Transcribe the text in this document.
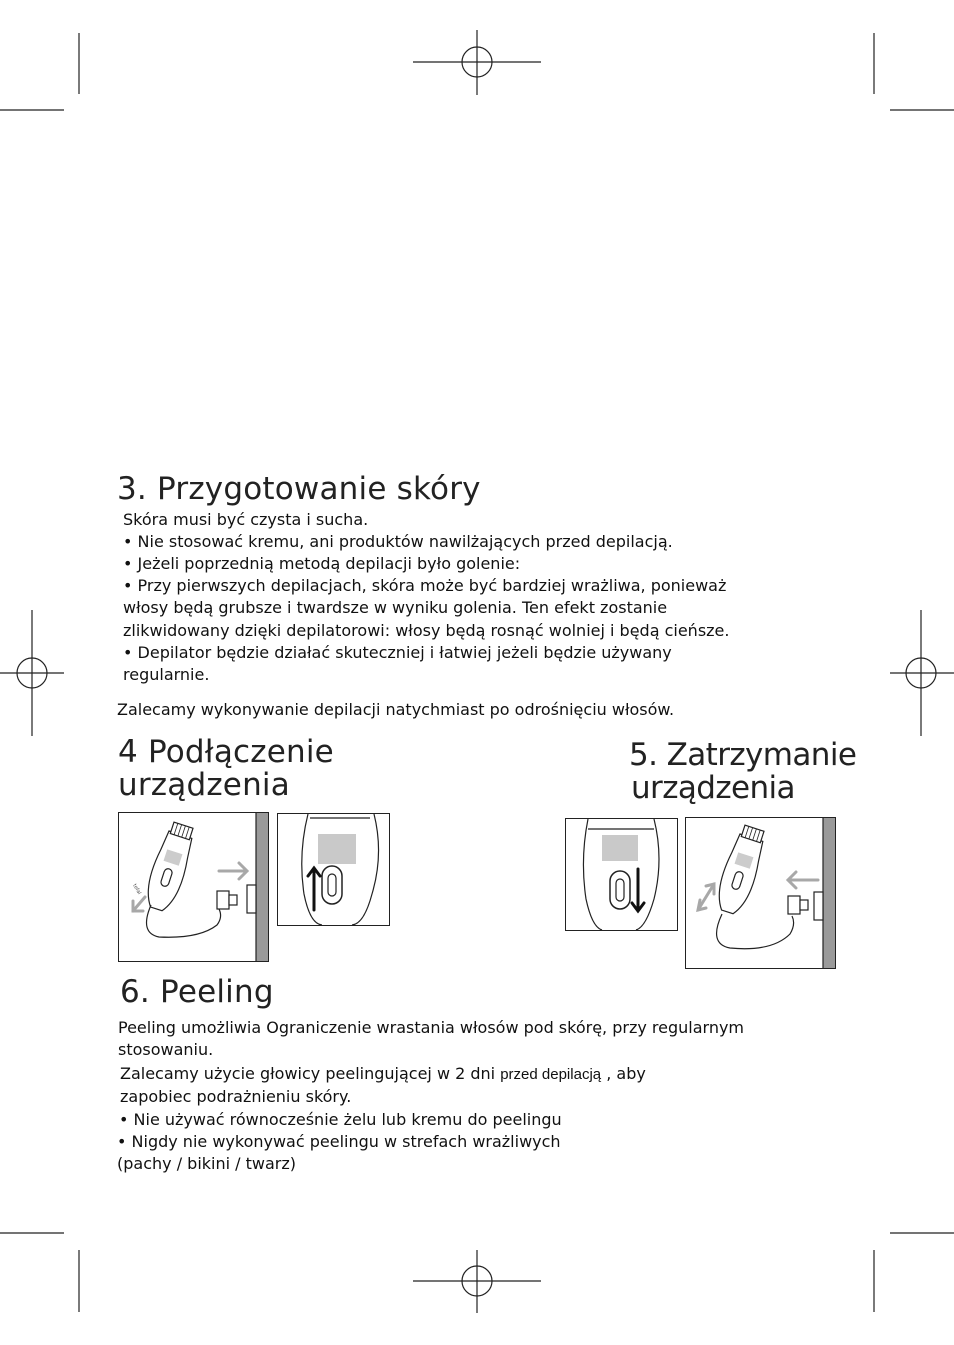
3. Przygotowanie skóry
Skóra musi być czysta i sucha.
• Nie stosować kremu, ani produktów nawilżających przed depilacją.
• Jeżeli poprzednią metodą depilacji było golenie:
• Przy pierwszych depilacjach, skóra może być bardziej wrażliwa, ponieważ
włosy będą grubsze i twardsze w wyniku golenia. Ten efekt zostanie
zlikwidowany dzięki depilatorowi: włosy będą rosnąć wolniej i będą cieńsze.
• Depilator będzie działać skuteczniej i łatwiej jeżeli będzie używany
regularnie.
Zalecamy wykonywanie depilacji natychmiast po odrośnięciu włosów.
4 Podłączenie
urządzenia
5. Zatrzymanie
urządzenia
tefal
6. Peeling
Peeling umożliwia Ograniczenie wrastania włosów pod skórę, przy regularnym
stosowaniu.
Zalecamy użycie głowicy peelingującej w 2 dni przed depilacją , aby
zapobiec podrażnieniu skóry.
• Nie używać równocześnie żelu lub kremu do peelingu
• Nigdy nie wykonywać peelingu w strefach wrażliwych
(pachy / bikini / twarz)
